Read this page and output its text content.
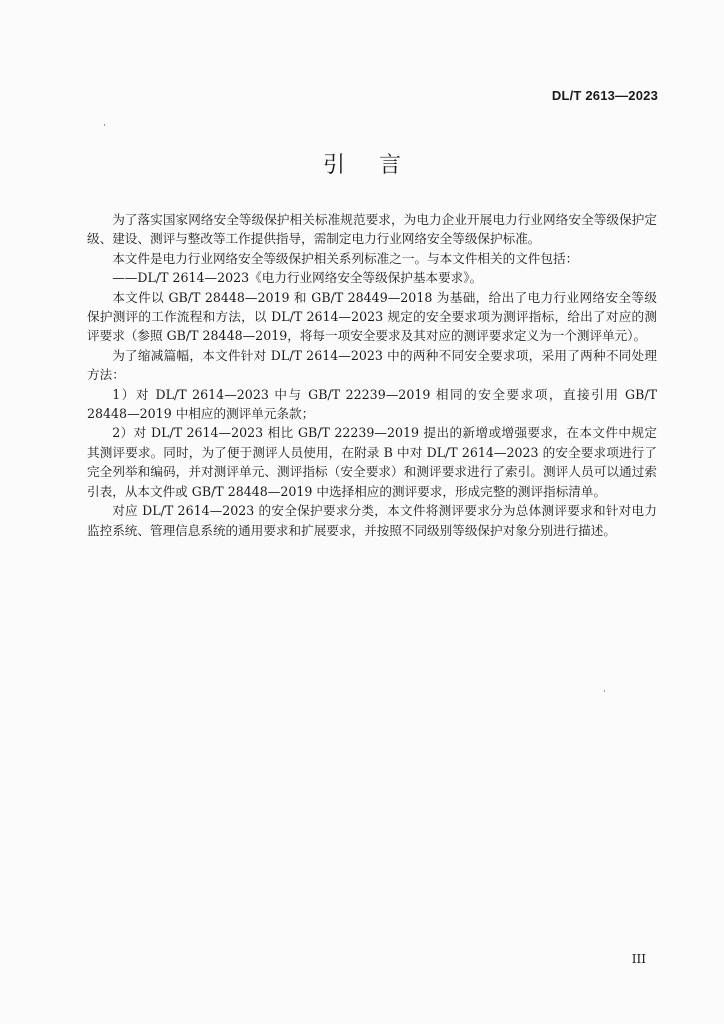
DL/T 2613—2023
引言

为了落实国家网络安全等级保护相关标准规范要求，为电力企业开展电力行业网络安全等级保护定级、建设、测评与整改等工作提供指导，需制定电力行业网络安全等级保护标准。

本文件是电力行业网络安全等级保护相关系列标准之一。与本文件相关的文件包括：

——DL/T 2614—2023《电力行业网络安全等级保护基本要求》。

本文件以 GB/T 28448—2019 和 GB/T 28449—2018 为基础，给出了电力行业网络安全等级保护测评的工作流程和方法，以 DL/T 2614—2023 规定的安全要求项为测评指标，给出了对应的测评要求（参照 GB/T 28448—2019，将每一项安全要求及其对应的测评要求定义为一个测评单元）。

为了缩减篇幅，本文件针对 DL/T 2614—2023 中的两种不同安全要求项，采用了两种不同处理方法：

1）对 DL/T 2614—2023 中与 GB/T 22239—2019 相同的安全要求项，直接引用 GB/T 28448—2019 中相应的测评单元条款；

2）对 DL/T 2614—2023 相比 GB/T 22239—2019 提出的新增或增强要求，在本文件中规定其测评要求。同时，为了便于测评人员使用，在附录 B 中对 DL/T 2614—2023 的安全要求项进行了完全列举和编码，并对测评单元、测评指标（安全要求）和测评要求进行了索引。测评人员可以通过索引表，从本文件或 GB/T 28448—2019 中选择相应的测评要求，形成完整的测评指标清单。

对应 DL/T 2614—2023 的安全保护要求分类，本文件将测评要求分为总体测评要求和针对电力监控系统、管理信息系统的通用要求和扩展要求，并按照不同级别等级保护对象分别进行描述。

III
